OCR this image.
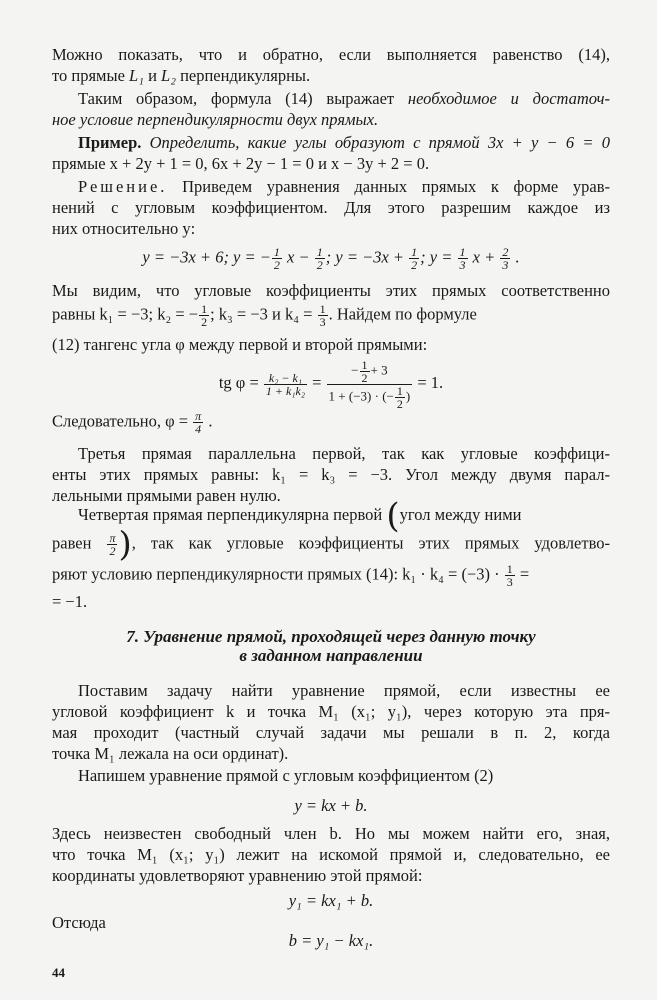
Можно показать, что и обратно, если выполняется равенство (14),
то прямые L₁ и L₂ перпендикулярны.
Таким образом, формула (14) выражает необходимое и достаточ-
ное условие перпендикулярности двух прямых.
Пример. Определить, какие углы образуют с прямой 3x + y − 6 = 0
прямые x + 2y + 1 = 0, 6x + 2y − 1 = 0 и x − 3y + 2 = 0.
Решение. Приведем уравнения данных прямых к форме урав-
нений с угловым коэффициентом. Для этого разрешим каждое из
них относительно y:
y = −3x + 6; y = − $\frac{1}{2}$ $x - \frac{1}{2}$ ; $y = -3x + \frac{1}{2}$ ; $y = \frac{1}{3}$ $x + \frac{2}{3}$ .
Мы видим, что угловые коэффициенты этих прямых соответственно
равны k₁ = −3; k₂ = − $\frac{1}{2}$ ; k₃ = −3 и $k_4 = \frac{1}{3}$ . Найдем по формуле
(12) тангенс угла φ между первой и второй прямыми:
tg $\varphi = \frac{\text{k₂ − k₁}}{\text{1 + k₁k₂}} = \frac{- \frac{1}{2} + 3}{1 + (-3) \cdot (- \frac{1}{2} )} = 1$.
Следовательно, $\varphi = \frac{\pi}{4}$ .
Третья прямая параллельна первой, так как угловые коэффици-
енты этих прямых равны: k₁ = k₃ = −3. Угол между двумя парал-
лельными прямыми равен нулю.
Четвертая прямая перпендикулярна первой (угол между ними
равен $\frac{\pi}{2}$ ), так как угловые коэффициенты этих прямых удовлетво-
ряют условию перпендикулярности прямых (14): $k_1 \cdot k_4 = (-3) \cdot \frac{1}{3}$ =
= −1.
7. Уравнение прямой, проходящей через данную точку
в заданном направлении
Поставим задачу найти уравнение прямой, если известны ее
угловой коэффициент k и точка M₁ (x₁; y₁), через которую эта пря-
мая проходит (частный случай задачи мы решали в п. 2, когда
точка M₁ лежала на оси ординат).
Напишем уравнение прямой с угловым коэффициентом (2)
y = kx + b.
Здесь неизвестен свободный член b. Но мы можем найти его, зная,
что точка M₁ (x₁; y₁) лежит на искомой прямой и, следовательно, ее
координаты удовлетворяют уравнению этой прямой:
y₁ = kx₁ + b.
Отсюда
b = y₁ − kx₁.
44
